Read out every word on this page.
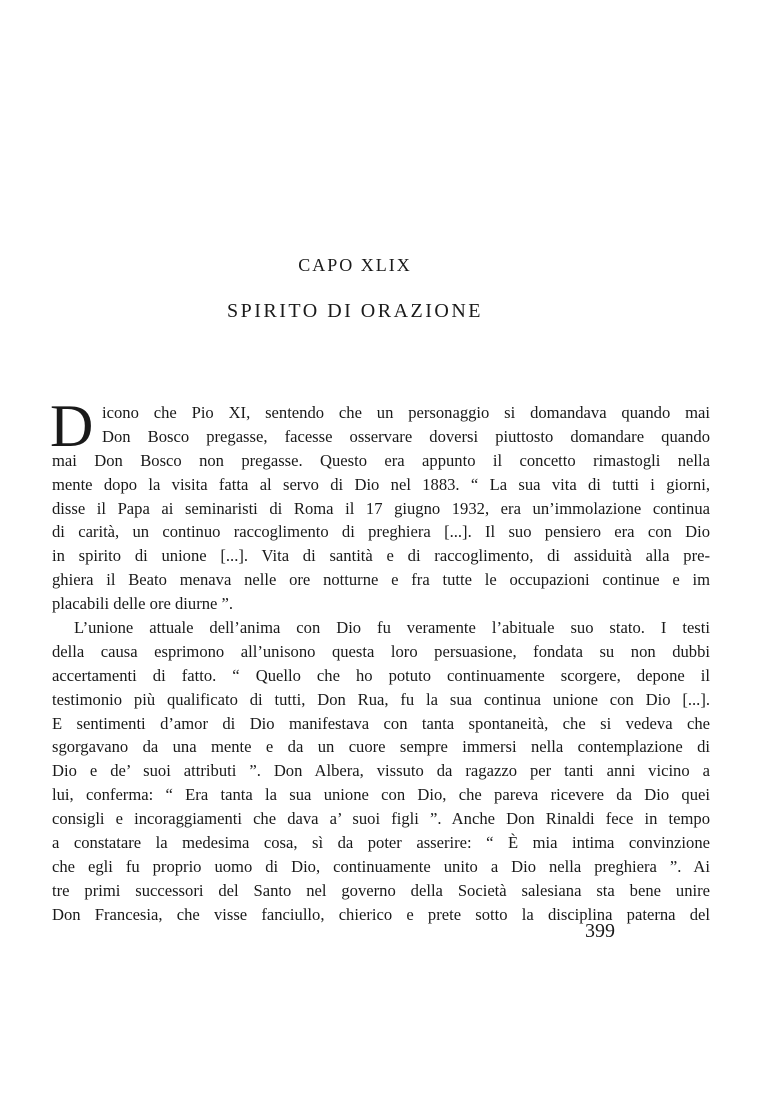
CAPO XLIX
SPIRITO DI ORAZIONE
D icono che Pio XI, sentendo che un personaggio si domandava quando mai
Don Bosco pregasse, facesse osservare doversi piuttosto domandare quando
mai Don Bosco non pregasse. Questo era appunto il concetto rimastogli nella
mente dopo la visita fatta al servo di Dio nel 1883. “ La sua vita di tutti i giorni,
disse il Papa ai seminaristi di Roma il 17 giugno 1932, era un’immolazione continua
di carità, un continuo raccoglimento di preghiera [...]. Il suo pensiero era con Dio
in spirito di unione [...]. Vita di santità e di raccoglimento, di assiduità alla pre-
ghiera il Beato menava nelle ore notturne e fra tutte le occupazioni continue e im
placabili delle ore diurne ”.
L’unione attuale dell’anima con Dio fu veramente l’abituale suo stato. I testi
della causa esprimono all’unisono questa loro persuasione, fondata su non dubbi
accertamenti di fatto. “ Quello che ho potuto continuamente scorgere, depone il
testimonio più qualificato di tutti, Don Rua, fu la sua continua unione con Dio [...].
E sentimenti d’amor di Dio manifestava con tanta spontaneità, che si vedeva che
sgorgavano da una mente e da un cuore sempre immersi nella contemplazione di
Dio e de’ suoi attributi ”. Don Albera, vissuto da ragazzo per tanti anni vicino a
lui, conferma: “ Era tanta la sua unione con Dio, che pareva ricevere da Dio quei
consigli e incoraggiamenti che dava a’ suoi figli ”. Anche Don Rinaldi fece in tempo
a constatare la medesima cosa, sì da poter asserire: “ È mia intima convinzione
che egli fu proprio uomo di Dio, continuamente unito a Dio nella preghiera ”. Ai
tre primi successori del Santo nel governo della Società salesiana sta bene unire
Don Francesia, che visse fanciullo, chierico e prete sotto la disciplina paterna del
399
